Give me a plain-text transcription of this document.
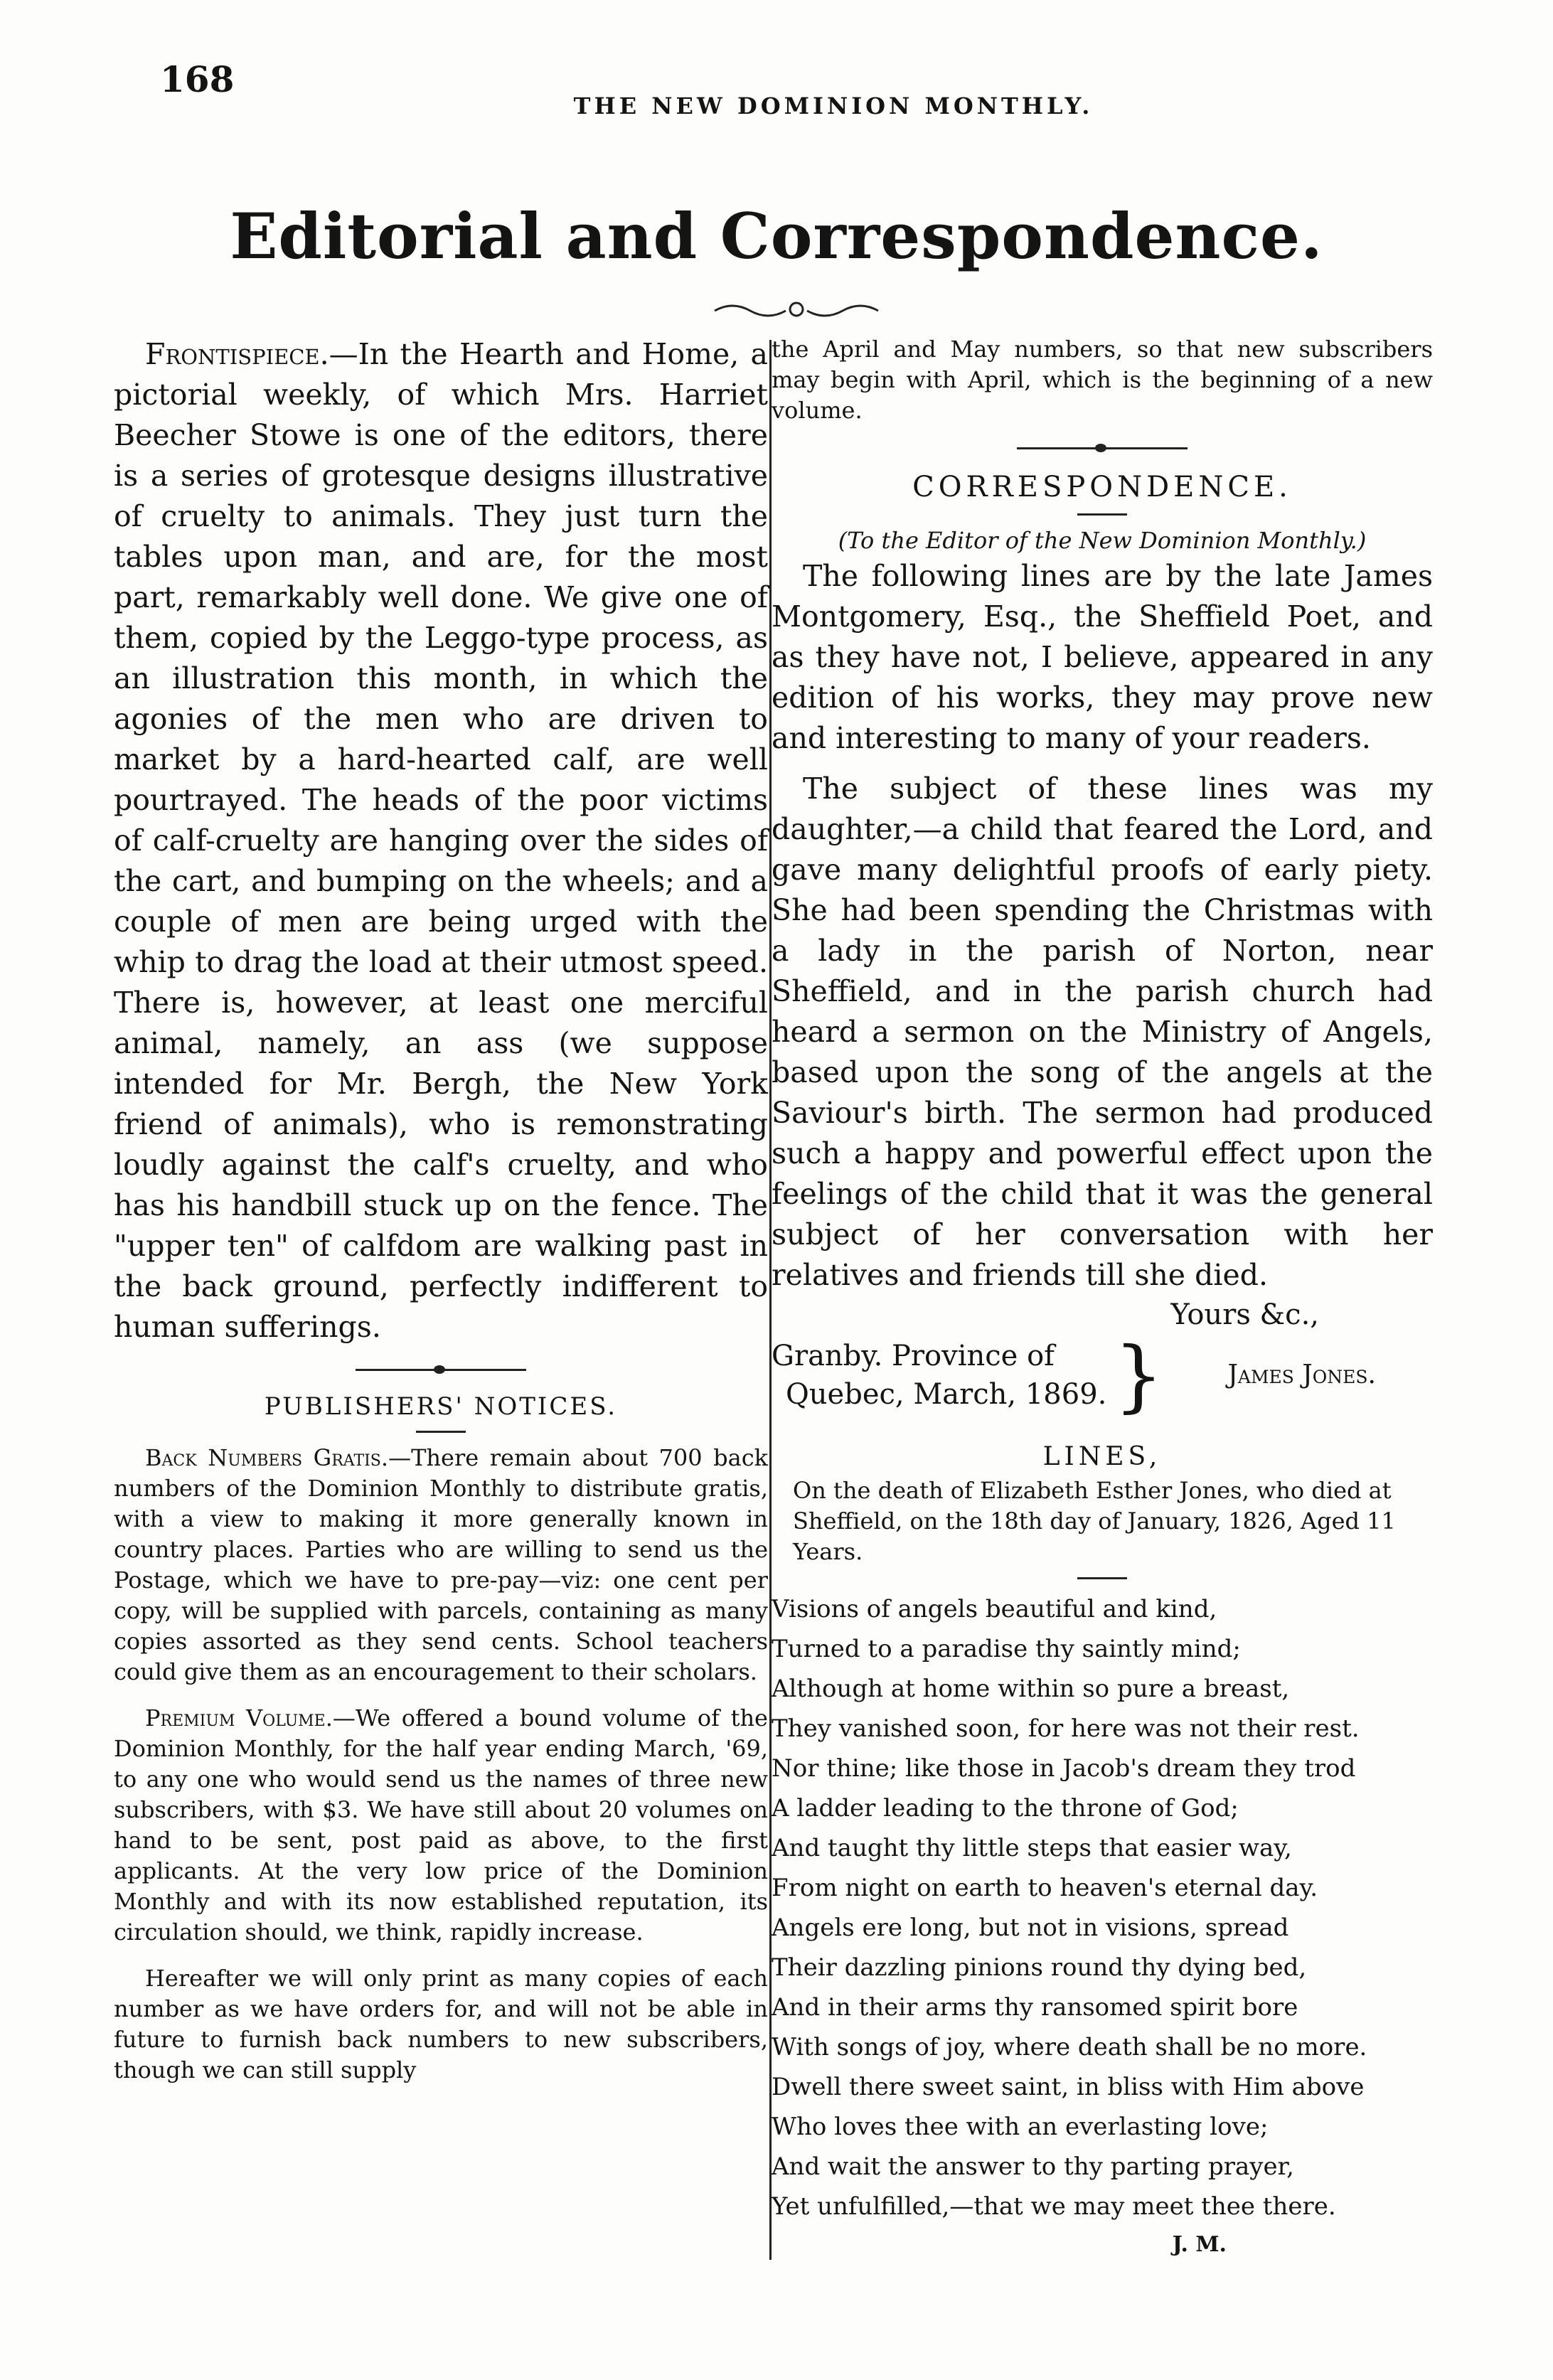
168
THE NEW DOMINION MONTHLY.
Editorial and Correspondence.

Frontispiece.—In the Hearth and Home, a pictorial weekly, of which Mrs. Harriet Beecher Stowe is one of the editors, there is a series of grotesque designs illustrative of cruelty to animals. They just turn the tables upon man, and are, for the most part, remarkably well done. We give one of them, copied by the Leggo-type process, as an illustration this month, in which the agonies of the men who are driven to market by a hard-hearted calf, are well pourtrayed. The heads of the poor victims of calf-cruelty are hanging over the sides of the cart, and bumping on the wheels; and a couple of men are being urged with the whip to drag the load at their utmost speed. There is, however, at least one merciful animal, namely, an ass (we suppose intended for Mr. Bergh, the New York friend of animals), who is remonstrating loudly against the calf's cruelty, and who has his handbill stuck up on the fence. The "upper ten" of calfdom are walking past in the back ground, perfectly indifferent to human sufferings.

PUBLISHERS' NOTICES.

Back Numbers Gratis.—There remain about 700 back numbers of the Dominion Monthly to distribute gratis, with a view to making it more generally known in country places. Parties who are willing to send us the Postage, which we have to pre-pay—viz: one cent per copy, will be supplied with parcels, containing as many copies assorted as they send cents. School teachers could give them as an encouragement to their scholars.

Premium Volume.—We offered a bound volume of the Dominion Monthly, for the half year ending March, '69, to any one who would send us the names of three new subscribers, with $3. We have still about 20 volumes on hand to be sent, post paid as above, to the first applicants. At the very low price of the Dominion Monthly and with its now established reputation, its circulation should, we think, rapidly increase.

Hereafter we will only print as many copies of each number as we have orders for, and will not be able in future to furnish back numbers to new subscribers, though we can still supply

the April and May numbers, so that new subscribers may begin with April, which is the beginning of a new volume.

CORRESPONDENCE.

(To the Editor of the New Dominion Monthly.)

The following lines are by the late James Montgomery, Esq., the Sheffield Poet, and as they have not, I believe, appeared in any edition of his works, they may prove new and interesting to many of your readers.

The subject of these lines was my daughter,—a child that feared the Lord, and gave many delightful proofs of early piety. She had been spending the Christmas with a lady in the parish of Norton, near Sheffield, and in the parish church had heard a sermon on the Ministry of Angels, based upon the song of the angels at the Saviour's birth. The sermon had produced such a happy and powerful effect upon the feelings of the child that it was the general subject of her conversation with her relatives and friends till she died.

Yours &c.,
Granby. Province of
Quebec, March, 1869. }	James Jones.
LINES,

On the death of Elizabeth Esther Jones, who died at Sheffield, on the 18th day of January, 1826, Aged 11 Years.

Visions of angels beautiful and kind,
Turned to a paradise thy saintly mind;
Although at home within so pure a breast,
They vanished soon, for here was not their rest.
Nor thine; like those in Jacob's dream they trod
A ladder leading to the throne of God;
And taught thy little steps that easier way,
From night on earth to heaven's eternal day.
Angels ere long, but not in visions, spread
Their dazzling pinions round thy dying bed,
And in their arms thy ransomed spirit bore
With songs of joy, where death shall be no more.
Dwell there sweet saint, in bliss with Him above
Who loves thee with an everlasting love;
And wait the answer to thy parting prayer,
Yet unfulfilled,—that we may meet thee there.
J. M.
